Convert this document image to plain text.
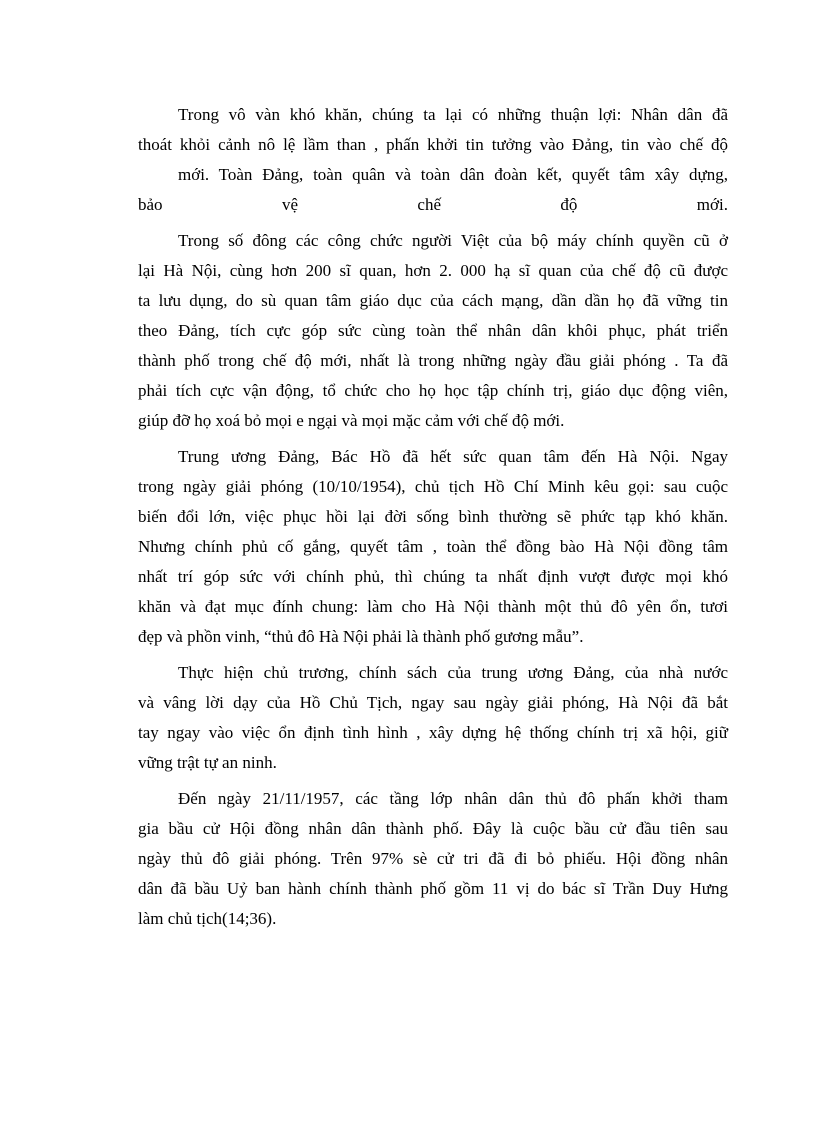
Trong vô vàn khó khăn, chúng ta lại có những thuận lợi: Nhân dân đã
thoát khỏi cảnh nô lệ lầm than , phấn khởi tin tưởng vào Đảng, tin vào chế độ
mới. Toàn Đảng, toàn quân và toàn dân đoàn kết, quyết tâm xây dựng,
bảo vệ chế độ mới.
Trong số đông các công chức người Việt của bộ máy chính quyền cũ ở
lại Hà Nội, cùng hơn 200 sĩ quan, hơn 2. 000 hạ sĩ quan của chế độ cũ được
ta lưu dụng, do sù quan tâm giáo dục của cách mạng, dần dần họ đã vững tin
theo Đảng, tích cực góp sức cùng toàn thể nhân dân khôi phục, phát triển
thành phố trong chế độ mới, nhất là trong những ngày đầu giải phóng . Ta đã
phải tích cực vận động, tổ chức cho họ học tập chính trị, giáo dục động viên,
giúp đỡ họ xoá bỏ mọi e ngại và mọi mặc cảm với chế độ mới.
Trung ương Đảng, Bác Hồ đã hết sức quan tâm đến Hà Nội. Ngay
trong ngày giải phóng (10/10/1954), chủ tịch Hồ Chí Minh kêu gọi: sau cuộc
biến đổi lớn, việc phục hồi lại đời sống bình thường sẽ phức tạp khó khăn.
Nhưng chính phủ cố gắng, quyết tâm , toàn thể đồng bào Hà Nội đồng tâm
nhất trí góp sức với chính phủ, thì chúng ta nhất định vượt được mọi khó
khăn và đạt mục đính chung: làm cho Hà Nội thành một thủ đô yên ổn, tươi
đẹp và phồn vinh, “thủ đô Hà Nội phải là thành phố gương mẫu”.
Thực hiện chủ trương, chính sách của trung ương Đảng, của nhà nước
và vâng lời dạy của Hồ Chủ Tịch, ngay sau ngày giải phóng, Hà Nội đã bắt
tay ngay vào việc ổn định tình hình , xây dựng hệ thống chính trị xã hội, giữ
vững trật tự an ninh.
Đến ngày 21/11/1957, các tầng lớp nhân dân thủ đô phấn khởi tham
gia bầu cử Hội đồng nhân dân thành phố. Đây là cuộc bầu cử đầu tiên sau
ngày thủ đô giải phóng. Trên 97% sè cử tri đã đi bỏ phiếu. Hội đồng nhân
dân đã bầu Uỷ ban hành chính thành phố gồm 11 vị do bác sĩ Trần Duy Hưng
làm chủ tịch(14;36).
